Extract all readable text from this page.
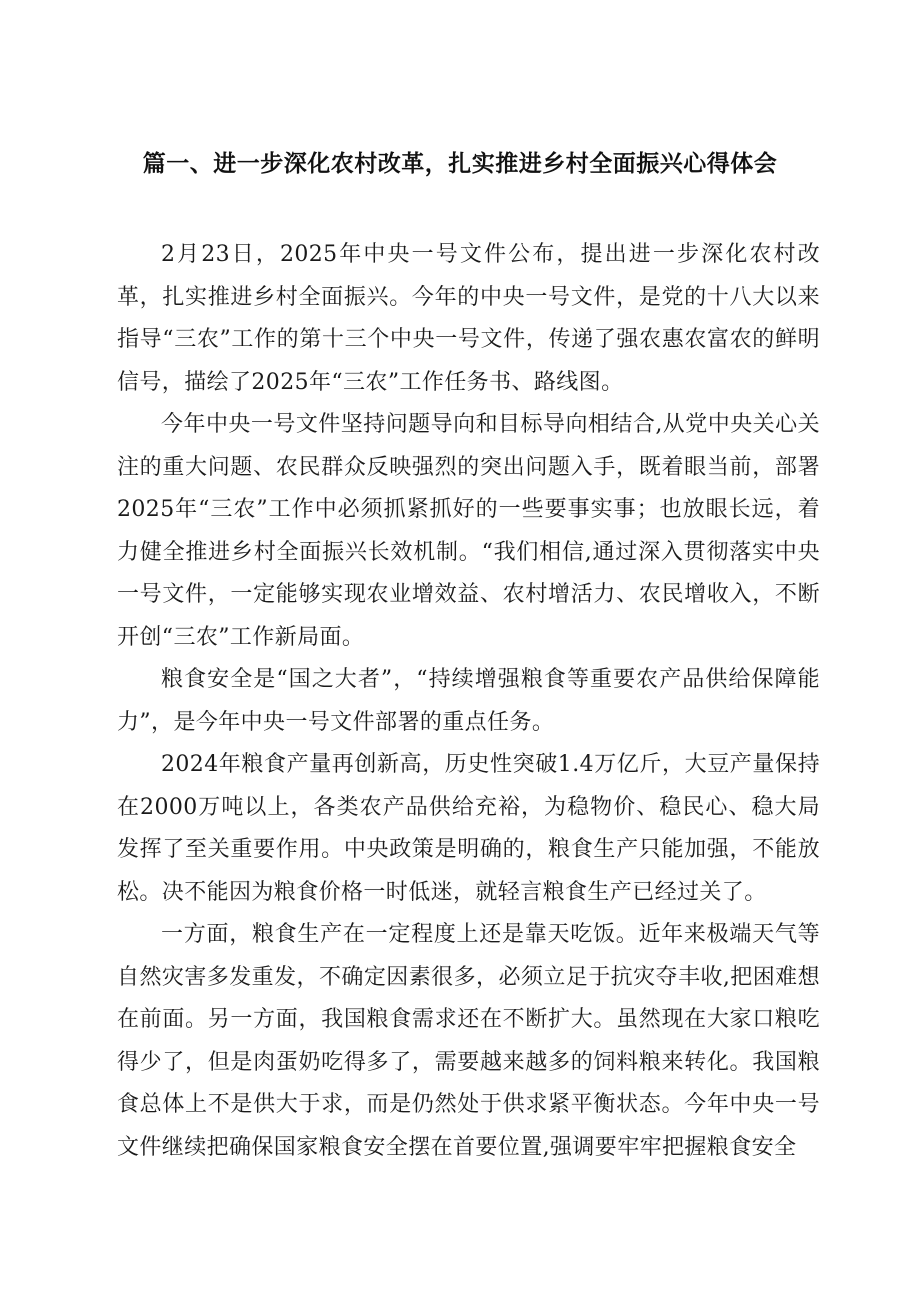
篇一、进一步深化农村改革，扎实推进乡村全面振兴心得体会

2月23日，2025年中央一号文件公布，提出进一步深化农村改革，扎实推进乡村全面振兴。今年的中央一号文件，是党的十八大以来指导“三农”工作的第十三个中央一号文件，传递了强农惠农富农的鲜明信号，描绘了2025年“三农”工作任务书、路线图。

今年中央一号文件坚持问题导向和目标导向相结合,从党中央关心关注的重大问题、农民群众反映强烈的突出问题入手，既着眼当前，部署2025年“三农”工作中必须抓紧抓好的一些要事实事；也放眼长远，着力健全推进乡村全面振兴长效机制。“我们相信,通过深入贯彻落实中央一号文件，一定能够实现农业增效益、农村增活力、农民增收入，不断开创“三农”工作新局面。

粮食安全是“国之大者”，“持续增强粮食等重要农产品供给保障能力”，是今年中央一号文件部署的重点任务。

2024年粮食产量再创新高，历史性突破1.4万亿斤，大豆产量保持在2000万吨以上，各类农产品供给充裕，为稳物价、稳民心、稳大局发挥了至关重要作用。中央政策是明确的，粮食生产只能加强，不能放松。决不能因为粮食价格一时低迷，就轻言粮食生产已经过关了。

一方面，粮食生产在一定程度上还是靠天吃饭。近年来极端天气等自然灾害多发重发，不确定因素很多，必须立足于抗灾夺丰收,把困难想在前面。另一方面，我国粮食需求还在不断扩大。虽然现在大家口粮吃得少了，但是肉蛋奶吃得多了，需要越来越多的饲料粮来转化。我国粮食总体上不是供大于求，而是仍然处于供求紧平衡状态。今年中央一号文件继续把确保国家粮食安全摆在首要位置,强调要牢牢把握粮食安全
